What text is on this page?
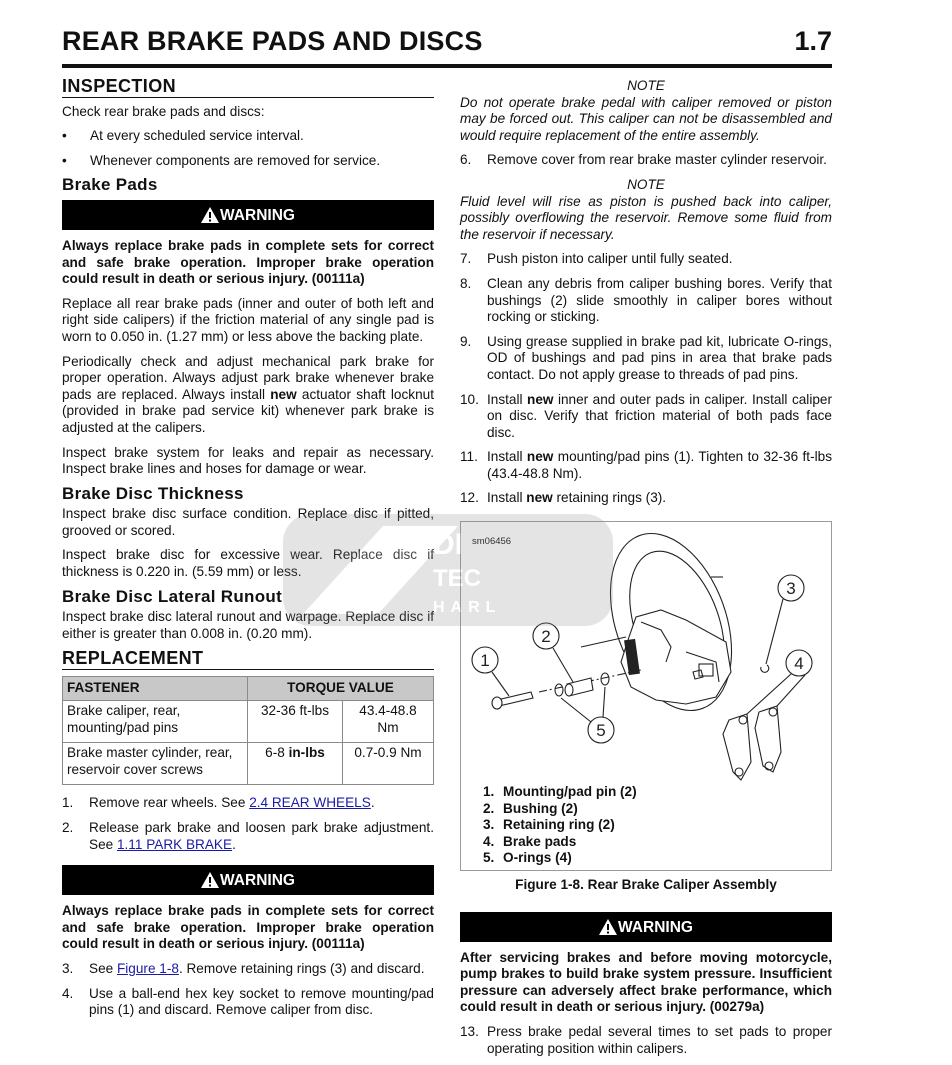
REAR BRAKE PADS AND DISCS	1.7
INSPECTION

Check rear brake pads and discs:

•	At every scheduled service interval.
•	Whenever components are removed for service.
Brake Pads
WARNING

Always replace brake pads in complete sets for correct and safe brake operation. Improper brake operation could result in death or serious injury. (00111a)

Replace all rear brake pads (inner and outer of both left and right side calipers) if the friction material of any single pad is worn to 0.050 in. (1.27 mm) or less above the backing plate.

Periodically check and adjust mechanical park brake for proper operation. Always adjust park brake whenever brake pads are replaced. Always install new actuator shaft locknut (provided in brake pad service kit) whenever park brake is adjusted at the calipers.

Inspect brake system for leaks and repair as necessary. Inspect brake lines and hoses for damage or wear.

Brake Disc Thickness

Inspect brake disc surface condition. Replace disc if pitted, grooved or scored.

Inspect brake disc for excessive wear. Replace disc if thickness is 0.220 in. (5.59 mm) or less.

Brake Disc Lateral Runout

Inspect brake disc lateral runout and warpage. Replace disc if either is greater than 0.008 in. (0.20 mm).

REPLACEMENT
FASTENER	TORQUE VALUE	
Brake caliper, rear, mounting/pad pins	32-36 ft-lbs	43.4-48.8 Nm
Brake master cylinder, rear, reservoir cover screws	6-8 in-lbs	0.7-0.9 Nm
1.	Remove rear wheels. See 2.4 REAR WHEELS.
2.	Release park brake and loosen park brake adjustment. See 1.11 PARK BRAKE.
WARNING

Always replace brake pads in complete sets for correct and safe brake operation. Improper brake operation could result in death or serious injury. (00111a)

3.	See Figure 1-8. Remove retaining rings (3) and discard.
4.	Use a ball-end hex key socket to remove mounting/pad pins (1) and discard. Remove caliper from disc.

NOTE

Do not operate brake pedal with caliper removed or piston may be forced out. This caliper can not be disassembled and would require replacement of the entire assembly.

6.	Remove cover from rear brake master cylinder reservoir.

NOTE

Fluid level will rise as piston is pushed back into caliper, possibly overflowing the reservoir. Remove some fluid from the reservoir if necessary.

7.	Push piston into caliper until fully seated.
8.	Clean any debris from caliper bushing bores. Verify that bushings (2) slide smoothly in caliper bores without rocking or sticking.
9.	Using grease supplied in brake pad kit, lubricate O-rings, OD of bushings and pad pins in area that brake pads contact. Do not apply grease to threads of pad pins.
10. Install new inner and outer pads in caliper. Install caliper on disc. Verify that friction material of both pads face disc.
11. Install new mounting/pad pins (1). Tighten to 32-36 ft-lbs (43.4-48.8 Nm).
12. Install new retaining rings (3).
sm06456
1
2
3
4
5
1. Mounting/pad pin (2)
2. Bushing (2)
3. Retaining ring (2)
4. Brake pads
5. O-rings (4)

Figure 1-8. Rear Brake Caliper Assembly

WARNING

After servicing brakes and before moving motorcycle, pump brakes to build brake system pressure. Insufficient pressure can adversely affect brake performance, which could result in death or serious injury. (00279a)

13. Press brake pedal several times to set pads to proper operating position within calipers.
DI
TEC
HARL
